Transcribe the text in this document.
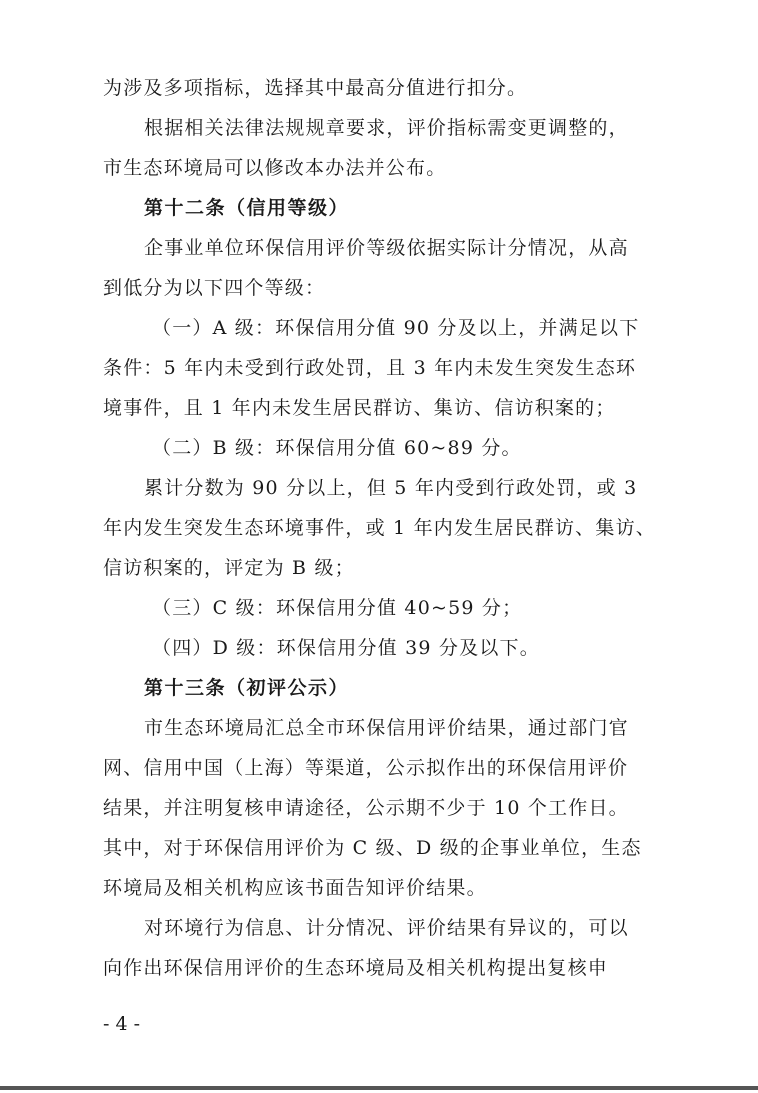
为涉及多项指标，选择其中最高分值进行扣分。
根据相关法律法规规章要求，评价指标需变更调整的，
市生态环境局可以修改本办法并公布。
第十二条（信用等级）
企事业单位环保信用评价等级依据实际计分情况，从高
到低分为以下四个等级：
（一）A 级：环保信用分值 90 分及以上，并满足以下
条件：5 年内未受到行政处罚，且 3 年内未发生突发生态环
境事件，且 1 年内未发生居民群访、集访、信访积案的；
（二）B 级：环保信用分值 60~89 分。
累计分数为 90 分以上，但 5 年内受到行政处罚，或 3
年内发生突发生态环境事件，或 1 年内发生居民群访、集访、
信访积案的，评定为 B 级；
（三）C 级：环保信用分值 40~59 分；
（四）D 级：环保信用分值 39 分及以下。
第十三条（初评公示）
市生态环境局汇总全市环保信用评价结果，通过部门官
网、信用中国（上海）等渠道，公示拟作出的环保信用评价
结果，并注明复核申请途径，公示期不少于 10 个工作日。
其中，对于环保信用评价为 C 级、D 级的企事业单位，生态
环境局及相关机构应该书面告知评价结果。
对环境行为信息、计分情况、评价结果有异议的，可以
向作出环保信用评价的生态环境局及相关机构提出复核申
- 4 -
